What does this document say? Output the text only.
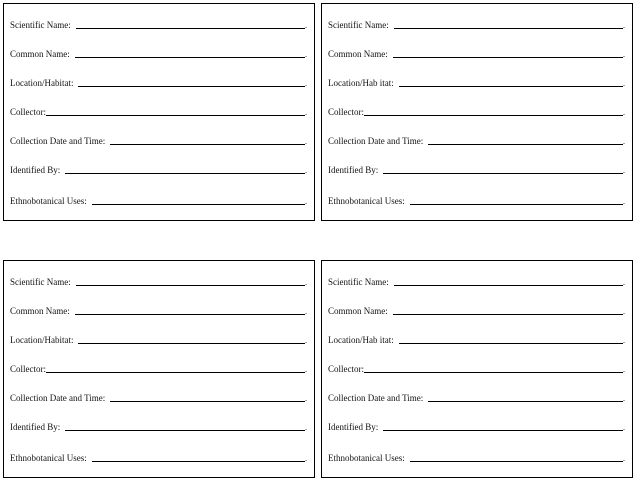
Scientific Name:	.
Common Name:	.
Location/Habitat:	.
Collector:	.
Collection Date and Time:	.
Identified By:	.
Ethnobotanical Uses:	.
Scientific Name:	.
Common Name:	.
Location/Hab itat:	.
Collector:	.
Collection Date and Time:	.
Identified By:	.
Ethnobotanical Uses:	.
Scientific Name:	.
Common Name:	.
Location/Habitat:	.
Collector:	.
Collection Date and Time:	.
Identified By:	.
Ethnobotanical Uses:	.
Scientific Name:	.
Common Name:	.
Location/Hab itat:	.
Collector:	.
Collection Date and Time:	.
Identified By:	.
Ethnobotanical Uses:	.
